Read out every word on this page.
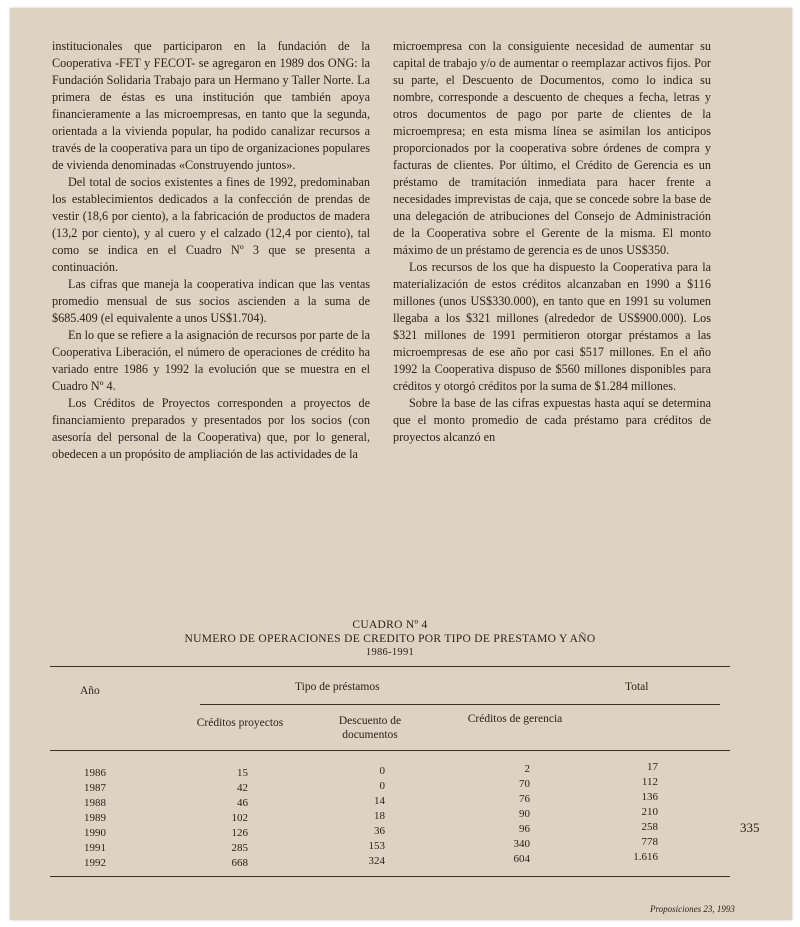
institucionales que participaron en la fundación de la Cooperativa -FET y FECOT- se agregaron en 1989 dos ONG: la Fundación Solidaria Trabajo para un Hermano y Taller Norte. La primera de éstas es una institución que también apoya financieramente a las microempresas, en tanto que la segunda, orientada a la vivienda popular, ha podido canalizar recursos a través de la cooperativa para un tipo de organizaciones populares de vivienda denominadas «Construyendo juntos».

Del total de socios existentes a fines de 1992, predominaban los establecimientos dedicados a la confección de prendas de vestir (18,6 por ciento), a la fabricación de productos de madera (13,2 por ciento), y al cuero y el calzado (12,4 por ciento), tal como se indica en el Cuadro Nº 3 que se presenta a continuación.

Las cifras que maneja la cooperativa indican que las ventas promedio mensual de sus socios ascienden a la suma de $685.409 (el equivalente a unos US$1.704).

En lo que se refiere a la asignación de recursos por parte de la Cooperativa Liberación, el número de operaciones de crédito ha variado entre 1986 y 1992 la evolución que se muestra en el Cuadro Nº 4.

Los Créditos de Proyectos corresponden a proyectos de financiamiento preparados y presentados por los socios (con asesoría del personal de la Cooperativa) que, por lo general, obedecen a un propósito de ampliación de las actividades de la

microempresa con la consiguiente necesidad de aumentar su capital de trabajo y/o de aumentar o reemplazar activos fijos. Por su parte, el Descuento de Documentos, como lo indica su nombre, corresponde a descuento de cheques a fecha, letras y otros documentos de pago por parte de clientes de la microempresa; en esta misma línea se asimilan los anticipos proporcionados por la cooperativa sobre órdenes de compra y facturas de clientes. Por último, el Crédito de Gerencia es un préstamo de tramitación inmediata para hacer frente a necesidades imprevistas de caja, que se concede sobre la base de una delegación de atribuciones del Consejo de Administración de la Cooperativa sobre el Gerente de la misma. El monto máximo de un préstamo de gerencia es de unos US$350.

Los recursos de los que ha dispuesto la Cooperativa para la materialización de estos créditos alcanzaban en 1990 a $116 millones (unos US$330.000), en tanto que en 1991 su volumen llegaba a los $321 millones (alrededor de US$900.000). Los $321 millones de 1991 permitieron otorgar préstamos a las microempresas de ese año por casi $517 millones. En el año 1992 la Cooperativa dispuso de $560 millones disponibles para créditos y otorgó créditos por la suma de $1.284 millones.

Sobre la base de las cifras expuestas hasta aquí se determina que el monto promedio de cada préstamo para créditos de proyectos alcanzó en

CUADRO Nº 4
NUMERO DE OPERACIONES DE CREDITO POR TIPO DE PRESTAMO Y AÑO
1986-1991
Año	Tipo de préstamos	Total
Créditos proyectos	Descuento de documentos
Créditos de gerencia
1986	15	0	2	17
1987	42	0	70	112
1988	46	14	76	136
1989	102	18	90	210
1990	126	36	96	258
1991	285	153	340	778
1992	668	324	604	1.616
335
Proposiciones 23, 1993
